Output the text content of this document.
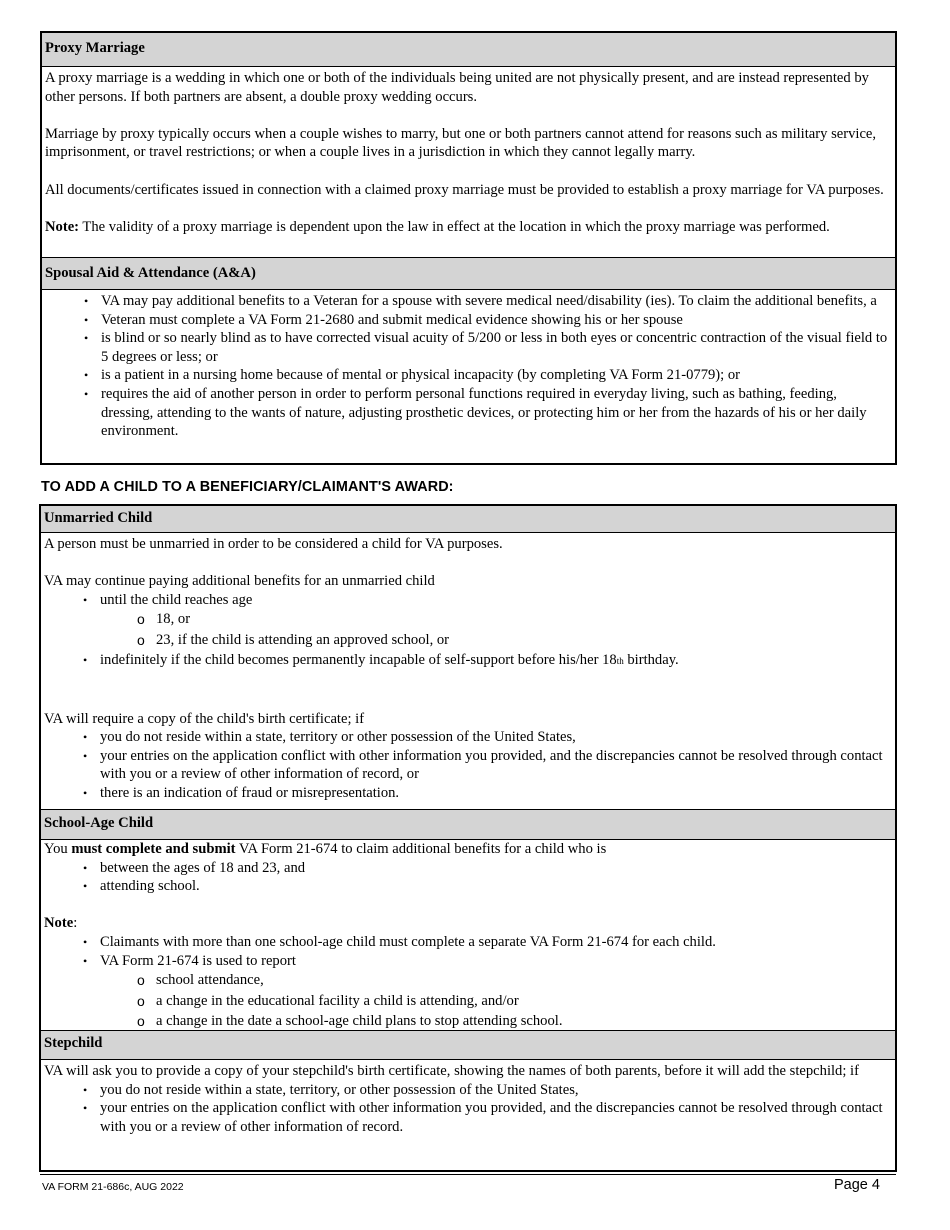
Proxy Marriage

A proxy marriage is a wedding in which one or both of the individuals being united are not physically present, and are instead represented by other persons. If both partners are absent, a double proxy wedding occurs.

Marriage by proxy typically occurs when a couple wishes to marry, but one or both partners cannot attend for reasons such as military service, imprisonment, or travel restrictions; or when a couple lives in a jurisdiction in which they cannot legally marry.

All documents/certificates issued in connection with a claimed proxy marriage must be provided to establish a proxy marriage for VA purposes.

Note: The validity of a proxy marriage is dependent upon the law in effect at the location in which the proxy marriage was performed.

Spousal Aid & Attendance (A&A)
• VA may pay additional benefits to a Veteran for a spouse with severe medical need/disability (ies). To claim the additional benefits, a
• Veteran must complete a VA Form 21-2680 and submit medical evidence showing his or her spouse
• is blind or so nearly blind as to have corrected visual acuity of 5/200 or less in both eyes or concentric contraction of the visual field to 5 degrees or less; or
• is a patient in a nursing home because of mental or physical incapacity (by completing VA Form 21-0779); or
• requires the aid of another person in order to perform personal functions required in everyday living, such as bathing, feeding, dressing, attending to the wants of nature, adjusting prosthetic devices, or protecting him or her from the hazards of his or her daily environment.
TO ADD A CHILD TO A BENEFICIARY/CLAIMANT'S AWARD:
Unmarried Child

A person must be unmarried in order to be considered a child for VA purposes.

VA may continue paying additional benefits for an unmarried child

• until the child reaches age
o 18, or
o 23, if the child is attending an approved school, or
• indefinitely if the child becomes permanently incapable of self-support before his/her 18th birthday.

VA will require a copy of the child's birth certificate; if

• you do not reside within a state, territory or other possession of the United States,
• your entries on the application conflict with other information you provided, and the discrepancies cannot be resolved through contact with you or a review of other information of record, or
• there is an indication of fraud or misrepresentation.
School-Age Child

You must complete and submit VA Form 21-674 to claim additional benefits for a child who is

• between the ages of 18 and 23, and
• attending school.

Note:

• Claimants with more than one school-age child must complete a separate VA Form 21-674 for each child.
• VA Form 21-674 is used to report
o school attendance,
o a change in the educational facility a child is attending, and/or
o a change in the date a school-age child plans to stop attending school.
Stepchild

VA will ask you to provide a copy of your stepchild's birth certificate, showing the names of both parents, before it will add the stepchild; if

• you do not reside within a state, territory, or other possession of the United States,
• your entries on the application conflict with other information you provided, and the discrepancies cannot be resolved through contact with you or a review of other information of record.
VA FORM 21-686c, AUG 2022	Page 4
